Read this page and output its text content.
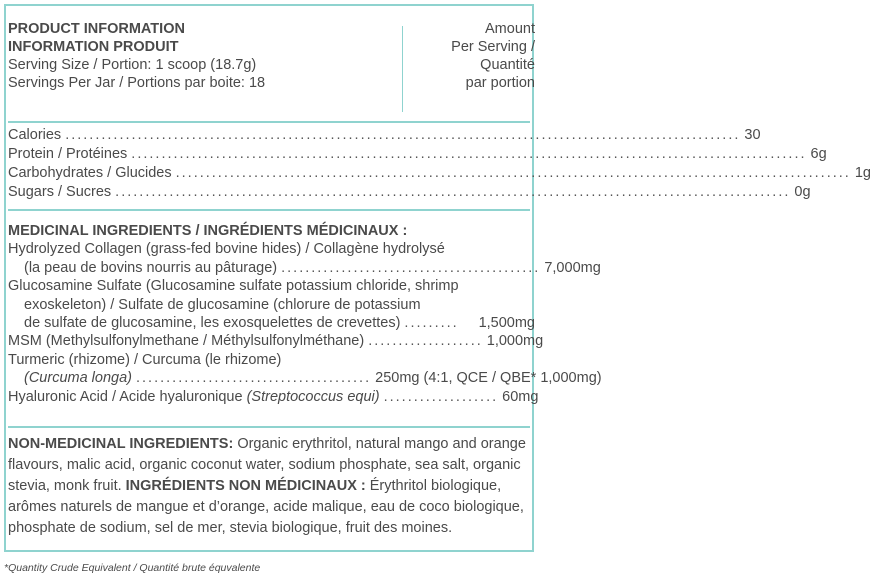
PRODUCT INFORMATION
INFORMATION PRODUIT
Serving Size / Portion: 1 scoop (18.7g)
Servings Per Jar / Portions par boite: 18
Amount
Per Serving /
Quantité
par portion
Calories ................................................................................................................ 30
Protein / Protéines ................................................................................................................ 6g
Carbohydrates / Glucides ................................................................................................................ 1g
Sugars / Sucres ................................................................................................................ 0g
MEDICINAL INGREDIENTS / INGRÉDIENTS MÉDICINAUX :
Hydrolyzed Collagen (grass-fed bovine hides) / Collagène hydrolysé
(la peau de bovins nourris au pâturage) ........................................... 7,000mg
Glucosamine Sulfate (Glucosamine sulfate potassium chloride, shrimp
exoskeleton) / Sulfate de glucosamine (chlorure de potassium
de sulfate de glucosamine, les exosquelettes de crevettes) .........	1,500mg
MSM (Methylsulfonylmethane / Méthylsulfonylméthane) ................... 1,000mg
Turmeric (rhizome) / Curcuma (le rhizome)
(Curcuma longa) ....................................... 250mg (4:1, QCE / QBE* 1,000mg)
Hyaluronic Acid / Acide hyaluronique
(Streptococcus equi) ................... 60mg
NON-MEDICINAL INGREDIENTS: Organic erythritol, natural mango and orange flavours, malic acid, organic coconut water, sodium phosphate, sea salt, organic stevia, monk fruit. INGRÉDIENTS NON MÉDICINAUX : Érythritol biologique, arômes naturels de mangue et d’orange, acide malique, eau de coco biologique, phosphate de sodium, sel de mer, stevia biologique, fruit des moines.
*Quantity Crude Equivalent / Quantité brute équvalente
